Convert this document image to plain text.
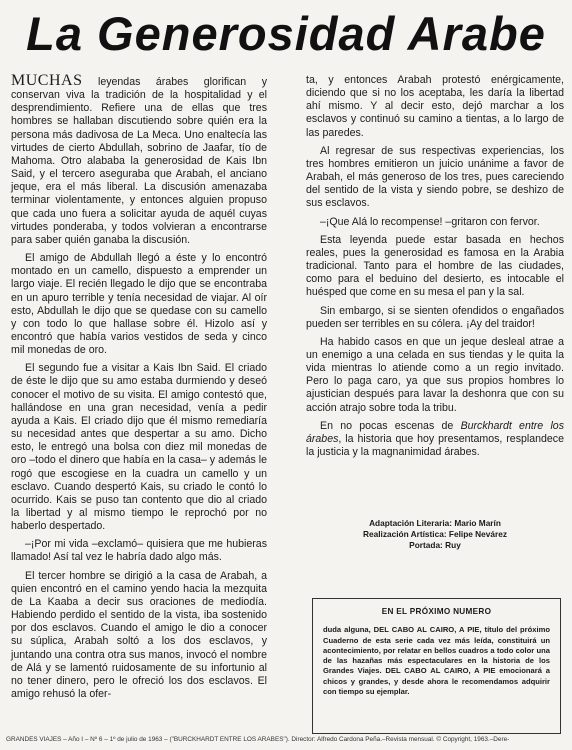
La Generosidad Arabe

MUCHAS leyendas árabes glorifican y conservan viva la tradición de la hospitalidad y el desprendimiento. Refiere una de ellas que tres hombres se hallaban discutiendo sobre quién era la persona más dadivosa de La Meca. Uno enaltecía las virtudes de cierto Abdullah, sobrino de Jaafar, tío de Mahoma. Otro alababa la generosidad de Kais Ibn Said, y el tercero aseguraba que Arabah, el anciano jeque, era el más liberal. La discusión amenazaba terminar violentamente, y entonces alguien propuso que cada uno fuera a solicitar ayuda de aquél cuyas virtudes ponderaba, y todos volvieran a encontrarse para saber quién ganaba la discusión.

El amigo de Abdullah llegó a éste y lo encontró montado en un camello, dispuesto a emprender un largo viaje. El recién llegado le dijo que se encontraba en un apuro terrible y tenía necesidad de viajar. Al oír esto, Abdullah le dijo que se quedase con su camello y con todo lo que hallase sobre él. Hizolo así y encontró que había varios vestidos de seda y cinco mil monedas de oro.

El segundo fue a visitar a Kais Ibn Said. El criado de éste le dijo que su amo estaba durmiendo y deseó conocer el motivo de su visita. El amigo contestó que, hallándose en una gran necesidad, venía a pedir ayuda a Kais. El criado dijo que él mismo remediaría su necesidad antes que despertar a su amo. Dicho esto, le entregó una bolsa con diez mil monedas de oro –todo el dinero que había en la casa– y además le rogó que escogiese en la cuadra un camello y un esclavo. Cuando despertó Kais, su criado le contó lo ocurrido. Kais se puso tan contento que dio al criado la libertad y al mismo tiempo le reprochó por no haberlo despertado.

–¡Por mi vida –exclamó– quisiera que me hubieras llamado! Así tal vez le habría dado algo más.

El tercer hombre se dirigió a la casa de Arabah, a quien encontró en el camino yendo hacia la mezquita de La Kaaba a decir sus oraciones de mediodía. Habiendo perdido el sentido de la vista, iba sostenido por dos esclavos. Cuando el amigo le dio a conocer su súplica, Arabah soltó a los dos esclavos, y juntando una contra otra sus manos, invocó el nombre de Alá y se lamentó ruidosamente de su infortunio al no tener dinero, pero le ofreció los dos esclavos. El amigo rehusó la ofer-

ta, y entonces Arabah protestó enérgicamente, diciendo que si no los aceptaba, les daría la libertad ahí mismo. Y al decir esto, dejó marchar a los esclavos y continuó su camino a tientas, a lo largo de las paredes.

Al regresar de sus respectivas experiencias, los tres hombres emitieron un juicio unánime a favor de Arabah, el más generoso de los tres, pues careciendo del sentido de la vista y siendo pobre, se deshizo de sus esclavos.

–¡Que Alá lo recompense! –gritaron con fervor.

Esta leyenda puede estar basada en hechos reales, pues la generosidad es famosa en la Arabia tradicional. Tanto para el hombre de las ciudades, como para el beduino del desierto, es intocable el huésped que come en su mesa el pan y la sal.

Sin embargo, si se sienten ofendidos o engañados pueden ser terribles en su cólera. ¡Ay del traidor!

Ha habido casos en que un jeque desleal atrae a un enemigo a una celada en sus tiendas y le quita la vida mientras lo atiende como a un regio invitado. Pero lo paga caro, ya que sus propios hombres lo ajustician después para lavar la deshonra que con su acción atrajo sobre toda la tribu.

En no pocas escenas de Burckhardt entre los árabes, la historia que hoy presentamos, resplandece la justicia y la magnanimidad árabes.

Adaptación Literaria: Mario Marín
Realización Artística: Felipe Nevárez
Portada: Ruy
EN EL PRÓXIMO NUMERO
duda alguna, DEL CABO AL CAIRO, A PIE, título del próximo Cuaderno de esta serie cada vez más leída, constituirá un acontecimiento, por relatar en bellos cuadros a todo color una de las hazañas más espectaculares en la historia de los Grandes Viajes. DEL CABO AL CAIRO, A PIE emocionará a chicos y grandes, y desde ahora le recomendamos adquirir con tiempo su ejemplar.
GRANDES VIAJES – Año I – Nº 6 – 1º de julio de 1963 – ("BURCKHARDT ENTRE LOS ARABES"). Director: Alfredo Cardona Peña.–Revista mensual. © Copyright, 1963.–Dere-
